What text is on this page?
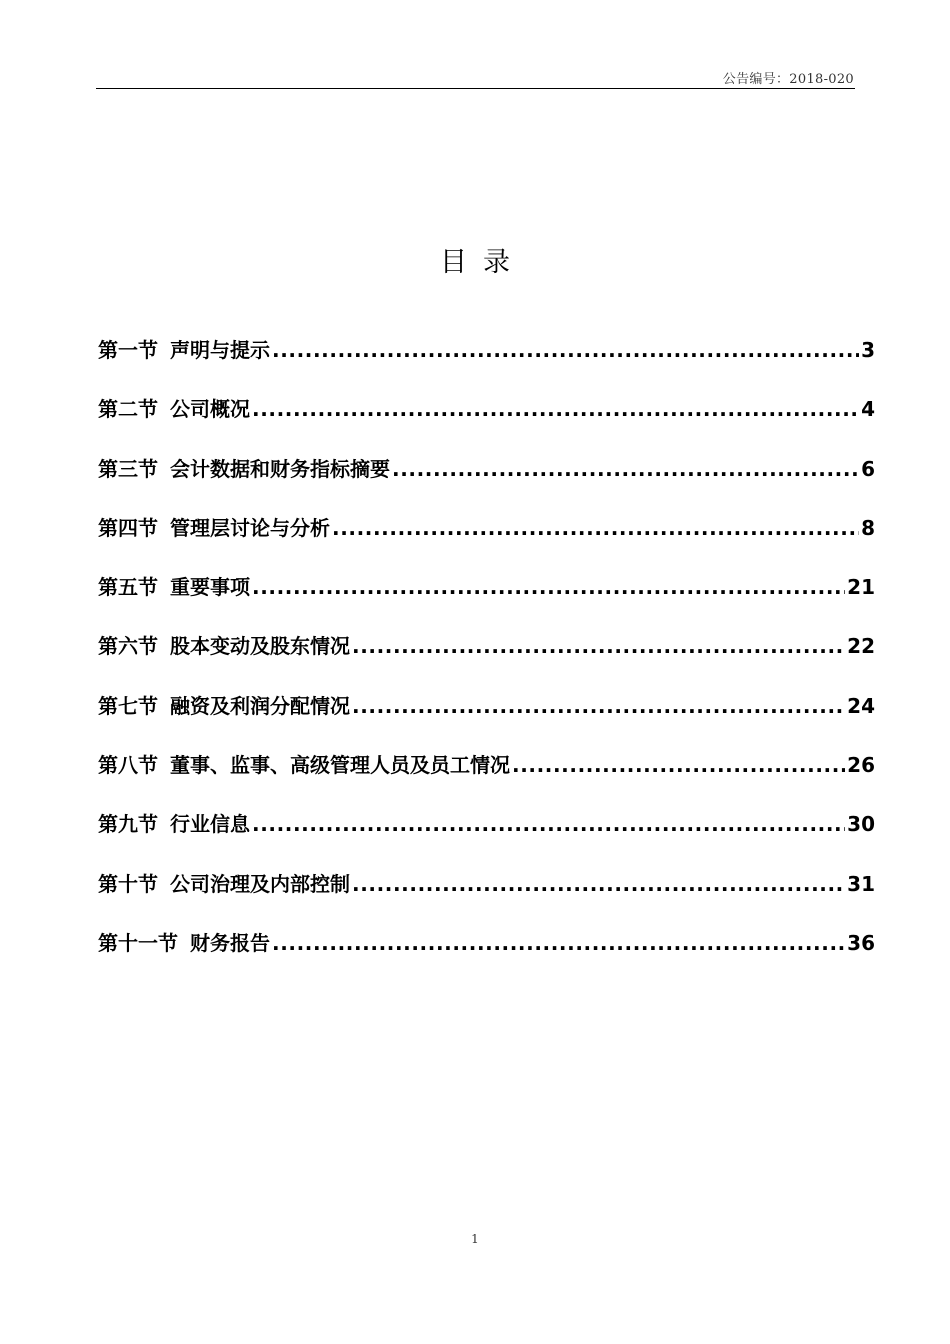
公告编号：2018-020
目录
第一节 声明与提示 .....	3
第二节 公司概况 .....	4
第三节 会计数据和财务指标摘要 .....	6
第四节 管理层讨论与分析 .....	8
第五节 重要事项 .....	21
第六节 股本变动及股东情况 .....	22
第七节 融资及利润分配情况 .....	24
第八节 董事、监事、高级管理人员及员工情况 .....	26
第九节 行业信息 .....	30
第十节 公司治理及内部控制 .....	31
第十一节 财务报告 .....	36
1
